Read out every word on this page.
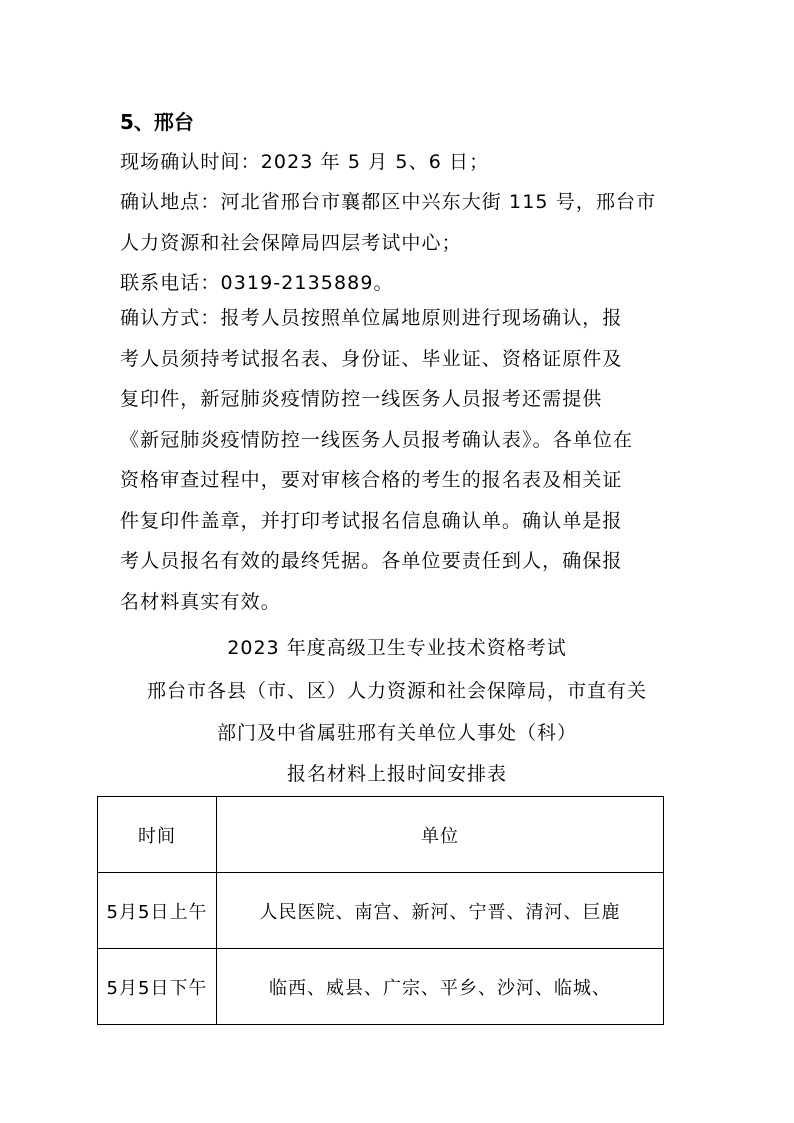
5、邢台
现场确认时间：2023 年 5 月 5、6 日；
确认地点：河北省邢台市襄都区中兴东大街 115 号，邢台市
人力资源和社会保障局四层考试中心；
联系电话：0319-2135889。
确认方式：报考人员按照单位属地原则进行现场确认，报
考人员须持考试报名表、身份证、毕业证、资格证原件及
复印件，新冠肺炎疫情防控一线医务人员报考还需提供
《新冠肺炎疫情防控一线医务人员报考确认表》。各单位在
资格审查过程中，要对审核合格的考生的报名表及相关证
件复印件盖章，并打印考试报名信息确认单。确认单是报
考人员报名有效的最终凭据。各单位要责任到人，确保报
名材料真实有效。
2023 年度高级卫生专业技术资格考试
邢台市各县（市、区）人力资源和社会保障局，市直有关
部门及中省属驻邢有关单位人事处（科）
报名材料上报时间安排表
时间	单位
5月5日上午	人民医院、南宫、新河、宁晋、清河、巨鹿
5月5日下午	临西、威县、广宗、平乡、沙河、临城、
